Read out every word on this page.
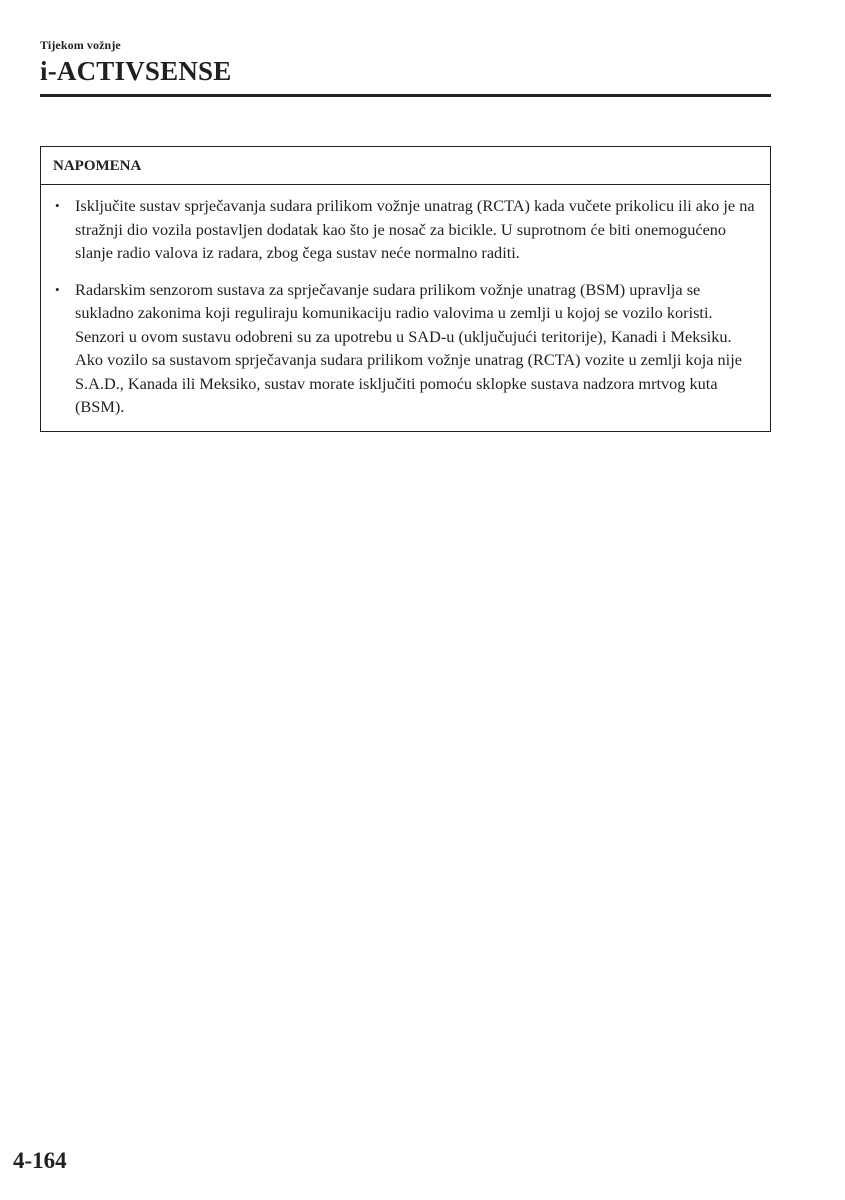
Tijekom vožnje
i-ACTIVSENSE
NAPOMENA
• Isključite sustav sprječavanja sudara prilikom vožnje unatrag (RCTA) kada vučete prikolicu ili ako je na stražnji dio vozila postavljen dodatak kao što je nosač za bicikle. U suprotnom će biti onemogućeno slanje radio valova iz radara, zbog čega sustav neće normalno raditi.
• Radarskim senzorom sustava za sprječavanje sudara prilikom vožnje unatrag (BSM) upravlja se sukladno zakonima koji reguliraju komunikaciju radio valovima u zemlji u kojoj se vozilo koristi. Senzori u ovom sustavu odobreni su za upotrebu u SAD-u (uključujući teritorije), Kanadi i Meksiku. Ako vozilo sa sustavom sprječavanja sudara prilikom vožnje unatrag (RCTA) vozite u zemlji koja nije S.A.D., Kanada ili Meksiko, sustav morate isključiti pomoću sklopke sustava nadzora mrtvog kuta (BSM).
4-164
